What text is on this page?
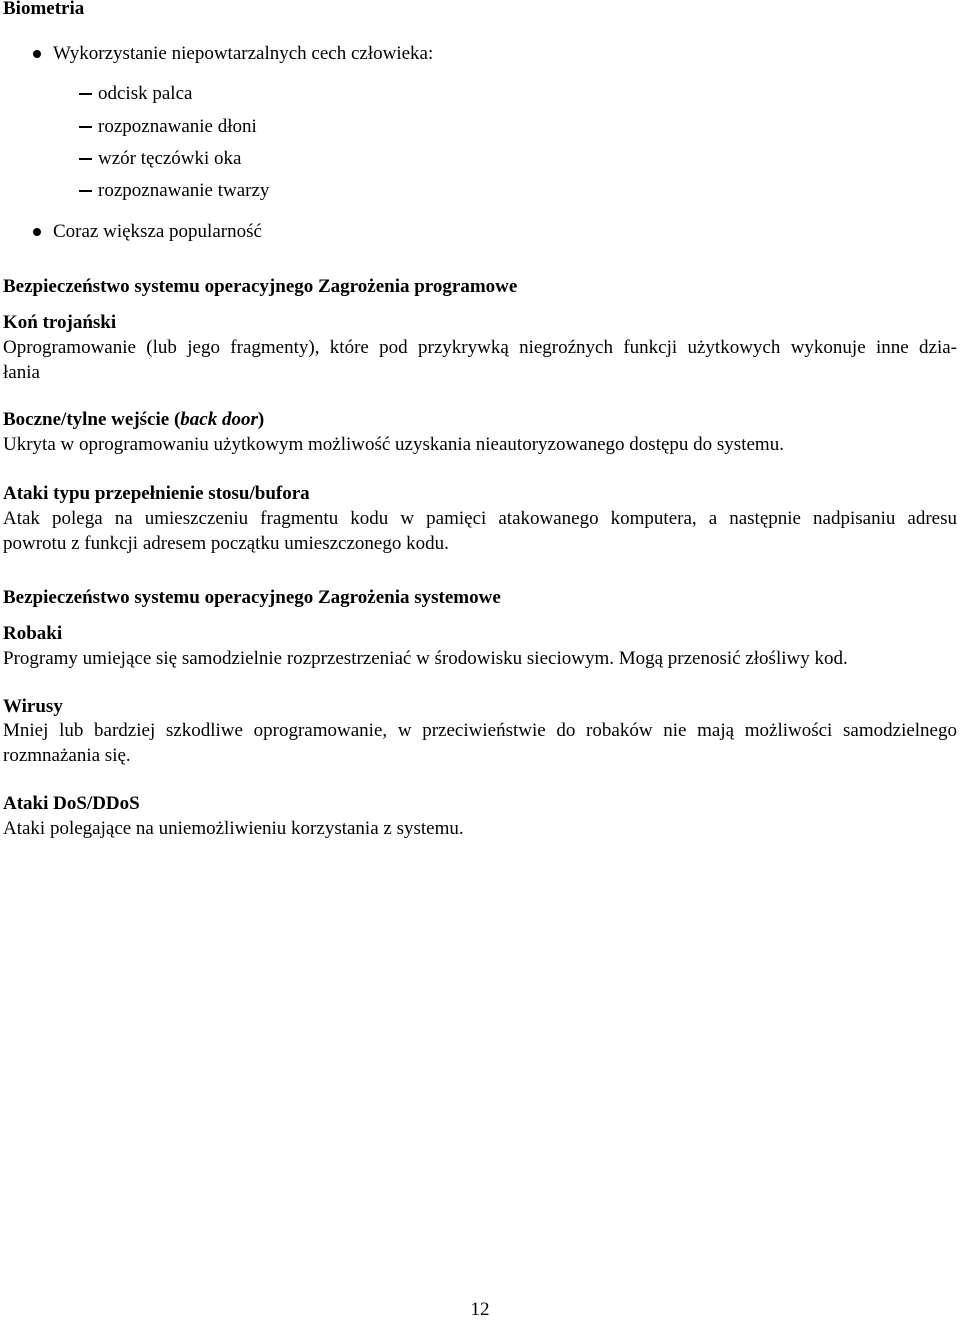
Biometria
Wykorzystanie niepowtarzalnych cech człowieka:
odcisk palca
rozpoznawanie dłoni
wzór tęczówki oka
rozpoznawanie twarzy
Coraz większa popularność
Bezpieczeństwo systemu operacyjnego Zagrożenia programowe
Koń trojański
Oprogramowanie (lub jego fragmenty), które pod przykrywką niegroźnych funkcji użytkowych wykonuje inne dzia-
łania
Boczne/tylne wejście (back door)
Ukryta w oprogramowaniu użytkowym możliwość uzyskania nieautoryzowanego dostępu do systemu.
Ataki typu przepełnienie stosu/bufora
Atak polega na umieszczeniu fragmentu kodu w pamięci atakowanego komputera, a następnie nadpisaniu adresu
powrotu z funkcji adresem początku umieszczonego kodu.
Bezpieczeństwo systemu operacyjnego Zagrożenia systemowe
Robaki
Programy umiejące się samodzielnie rozprzestrzeniać w środowisku sieciowym. Mogą przenosić złośliwy kod.
Wirusy
Mniej lub bardziej szkodliwe oprogramowanie, w przeciwieństwie do robaków nie mają możliwości samodzielnego
rozmnażania się.
Ataki DoS/DDoS
Ataki polegające na uniemożliwieniu korzystania z systemu.
12
